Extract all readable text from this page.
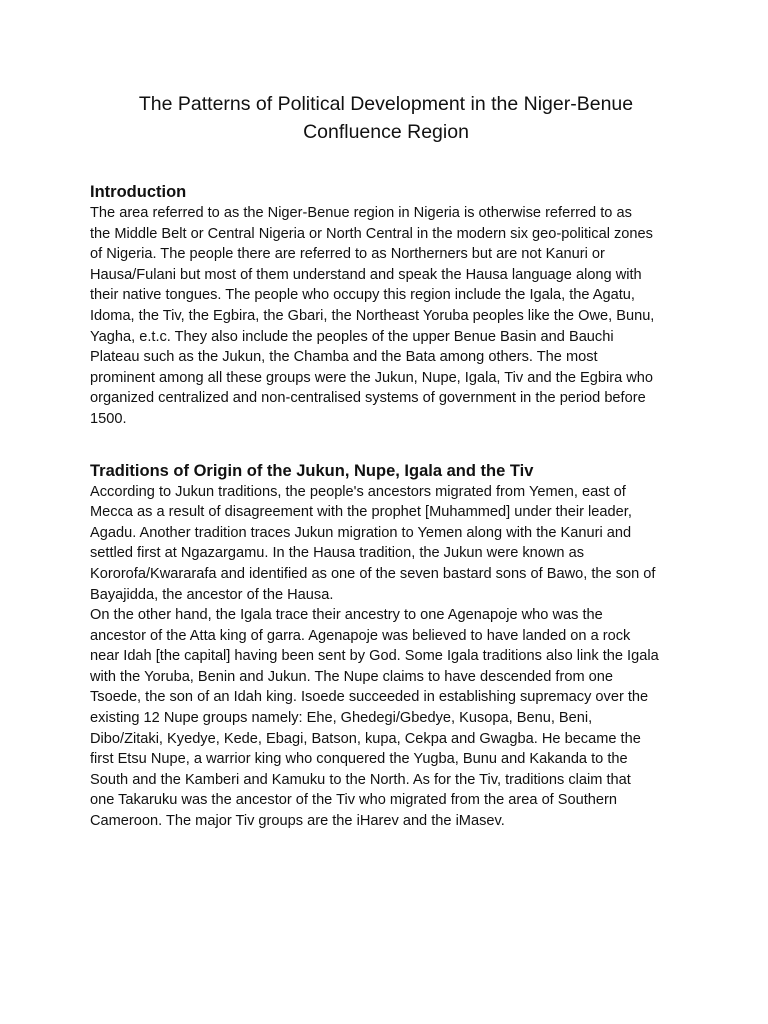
The Patterns of Political Development in the Niger-Benue
Confluence Region
Introduction

The area referred to as the Niger-Benue region in Nigeria is otherwise referred to as
the Middle Belt or Central Nigeria or North Central in the modern six geo-political zones
of Nigeria. The people there are referred to as Northerners but are not Kanuri or
Hausa/Fulani but most of them understand and speak the Hausa language along with
their native tongues. The people who occupy this region include the Igala, the Agatu,
Idoma, the Tiv, the Egbira, the Gbari, the Northeast Yoruba peoples like the Owe, Bunu,
Yagha, e.t.c. They also include the peoples of the upper Benue Basin and Bauchi
Plateau such as the Jukun, the Chamba and the Bata among others. The most
prominent among all these groups were the Jukun, Nupe, Igala, Tiv and the Egbira who
organized centralized and non-centralised systems of government in the period before
1500.

Traditions of Origin of the Jukun, Nupe, Igala and the Tiv

According to Jukun traditions, the people's ancestors migrated from Yemen, east of
Mecca as a result of disagreement with the prophet [Muhammed] under their leader,
Agadu. Another tradition traces Jukun migration to Yemen along with the Kanuri and
settled first at Ngazargamu. In the Hausa tradition, the Jukun were known as
Kororofa/Kwararafa and identified as one of the seven bastard sons of Bawo, the son of
Bayajidda, the ancestor of the Hausa.

On the other hand, the Igala trace their ancestry to one Agenapoje who was the
ancestor of the Atta king of garra. Agenapoje was believed to have landed on a rock
near Idah [the capital] having been sent by God. Some Igala traditions also link the Igala
with the Yoruba, Benin and Jukun. The Nupe claims to have descended from one
Tsoede, the son of an Idah king. Isoede succeeded in establishing supremacy over the
existing 12 Nupe groups namely: Ehe, Ghedegi/Gbedye, Kusopa, Benu, Beni,
Dibo/Zitaki, Kyedye, Kede, Ebagi, Batson, kupa, Cekpa and Gwagba. He became the
first Etsu Nupe, a warrior king who conquered the Yugba, Bunu and Kakanda to the
South and the Kamberi and Kamuku to the North. As for the Tiv, traditions claim that
one Takaruku was the ancestor of the Tiv who migrated from the area of Southern
Cameroon. The major Tiv groups are the iHarev and the iMasev.
